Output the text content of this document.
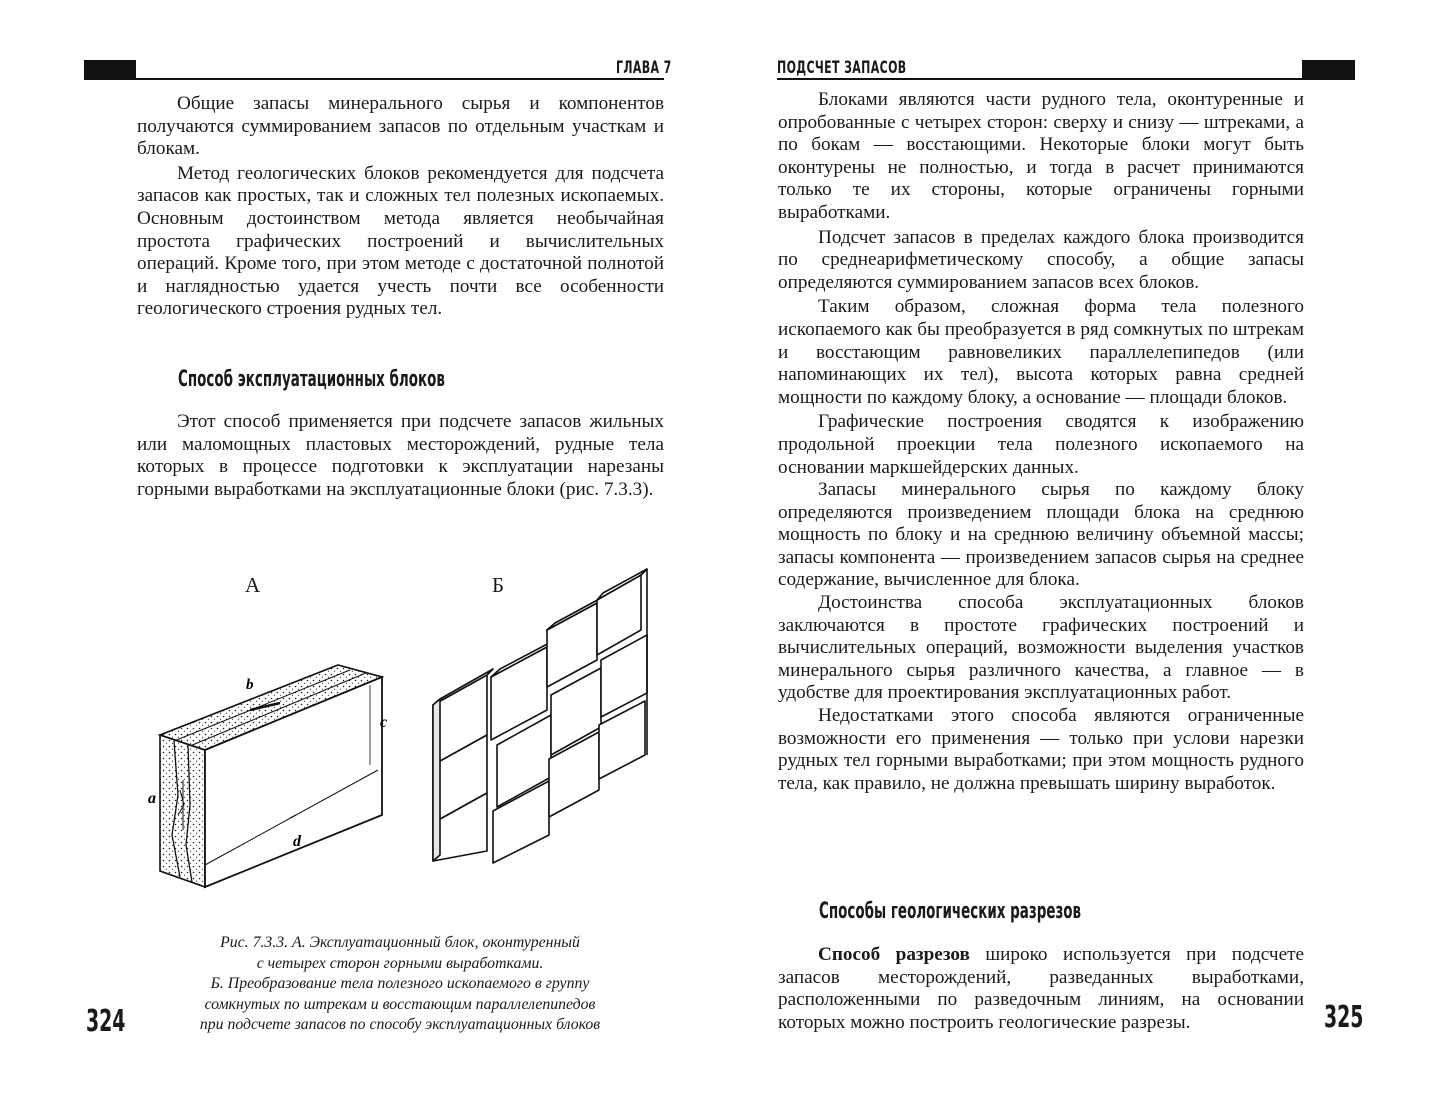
ГЛАВА 7

Общие запасы минерального сырья и компонентов получаются суммированием запасов по отдельным участкам и блокам.

Метод геологических блоков рекомендуется для подсчета запасов как простых, так и сложных тел полезных ископаемых. Основным достоинством метода является необычайная простота графических построений и вычислительных операций. Кроме того, при этом методе с достаточной полнотой и наглядностью удается учесть почти все особенности геологического строения рудных тел.

Способ эксплуатационных блоков

Этот способ применяется при подсчете запасов жильных или маломощных пластовых месторождений, рудные тела которых в процессе подготовки к эксплуатации нарезаны горными выработками на эксплуатационные блоки (рис. 7.3.3).

А	Б
b
c
a
d
Рис. 7.3.3. А. Эксплуатационный блок, оконтуренный
с четырех сторон горными выработками.
Б. Преобразование тела полезного ископаемого в группу
сомкнутых по штрекам и восстающим параллелепипедов
при подсчете запасов по способу эксплуатационных блоков
324
ПОДСЧЕТ ЗАПАСОВ

Блоками являются части рудного тела, оконтуренные и опробованные с четырех сторон: сверху и снизу — штреками, а по бокам — восстающими. Некоторые блоки могут быть оконтурены не полностью, и тогда в расчет принимаются только те их стороны, которые ограничены горными выработками.

Подсчет запасов в пределах каждого блока производится по среднеарифметическому способу, а общие запасы определяются суммированием запасов всех блоков.

Таким образом, сложная форма тела полезного ископаемого как бы преобразуется в ряд сомкнутых по штрекам и восстающим равновеликих параллелепипедов (или напоминающих их тел), высота которых равна средней мощности по каждому блоку, а основание — площади блоков.

Графические построения сводятся к изображению продольной проекции тела полезного ископаемого на основании маркшейдерских данных.

Запасы минерального сырья по каждому блоку определяются произведением площади блока на среднюю мощность по блоку и на среднюю величину объемной массы; запасы компонента — произведением запасов сырья на среднее содержание, вычисленное для блока.

Достоинства способа эксплуатационных блоков заключаются в простоте графических построений и вычислительных операций, возможности выделения участков минерального сырья различного качества, а главное — в удобстве для проектирования эксплуатационных работ.

Недостатками этого способа являются ограниченные возможности его применения — только при услови нарезки рудных тел горными выработками; при этом мощность рудного тела, как правило, не должна превышать ширину выработок.

Способы геологических разрезов

Способ разрезов широко используется при подсчете запасов месторождений, разведанных выработками, расположенными по разведочным линиям, на основании которых можно построить геологические разрезы.	325
